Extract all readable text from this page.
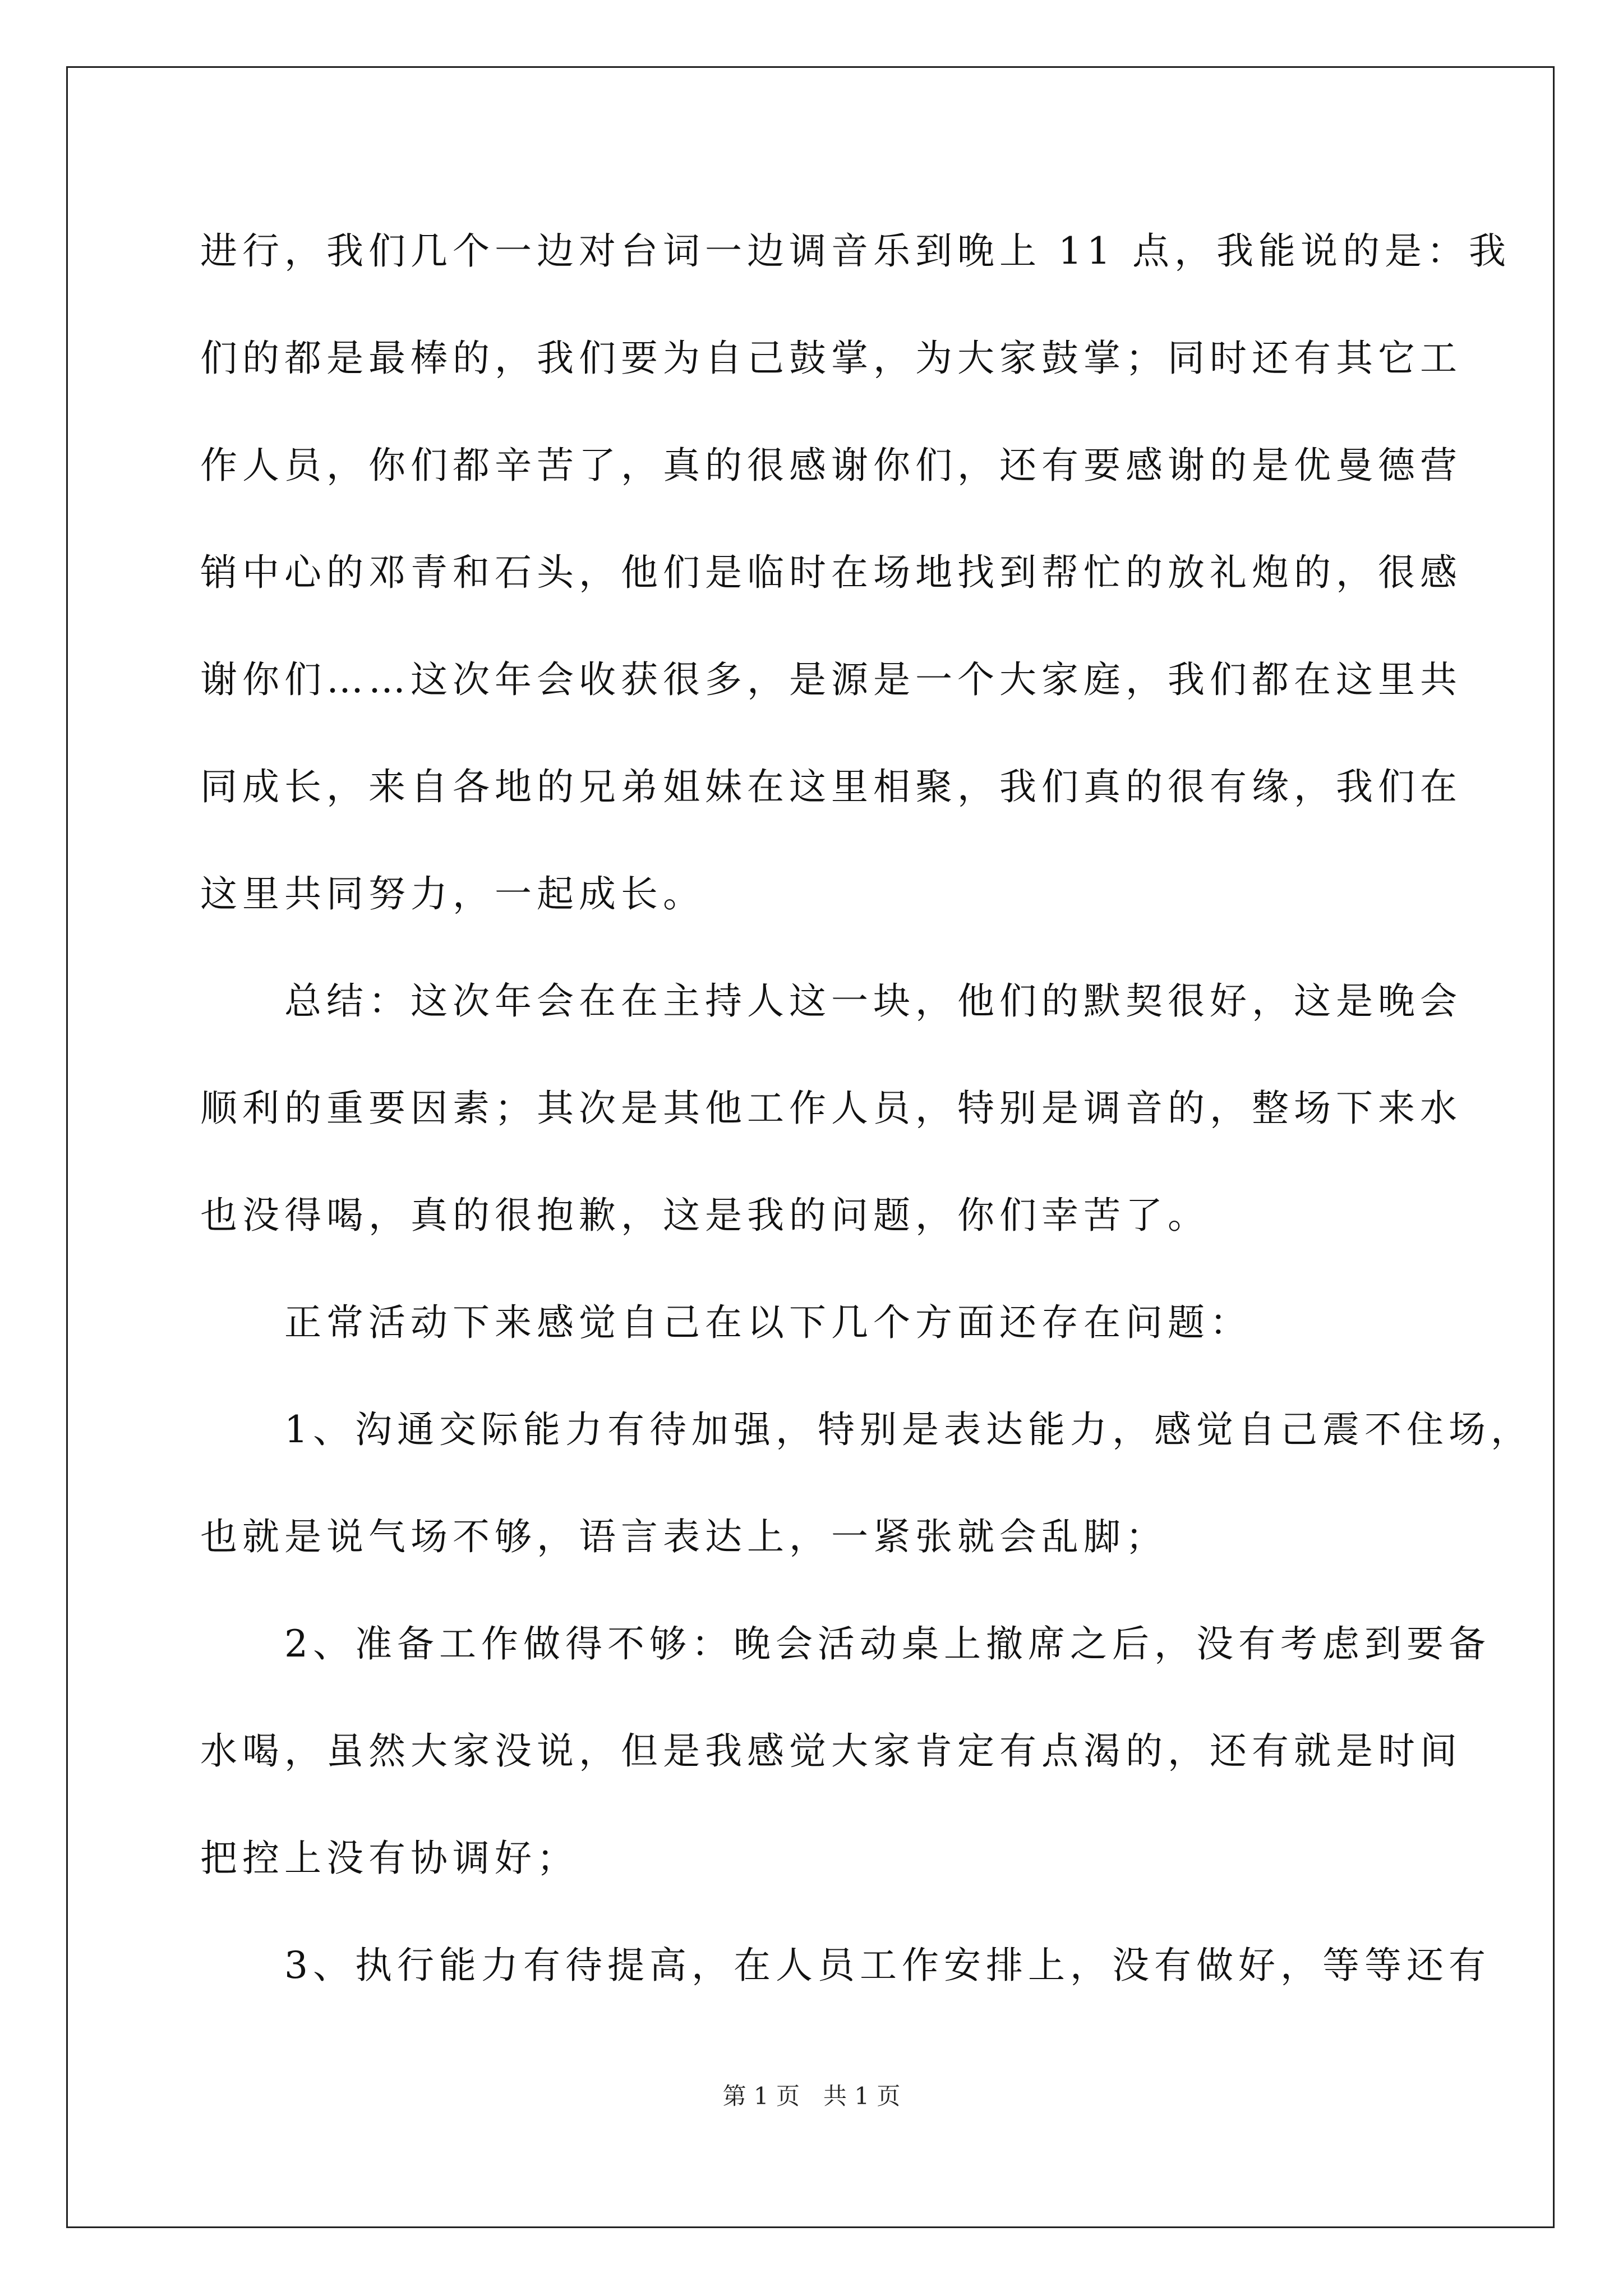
进行，我们几个一边对台词一边调音乐到晚上 11 点，我能说的是：我
们的都是最棒的，我们要为自己鼓掌，为大家鼓掌；同时还有其它工
作人员，你们都辛苦了，真的很感谢你们，还有要感谢的是优曼德营
销中心的邓青和石头，他们是临时在场地找到帮忙的放礼炮的，很感
谢你们……这次年会收获很多，是源是一个大家庭，我们都在这里共
同成长，来自各地的兄弟姐妹在这里相聚，我们真的很有缘，我们在
这里共同努力，一起成长。
　　总结：这次年会在在主持人这一块，他们的默契很好，这是晚会
顺利的重要因素；其次是其他工作人员，特别是调音的，整场下来水
也没得喝，真的很抱歉，这是我的问题，你们幸苦了。
　　正常活动下来感觉自己在以下几个方面还存在问题：
　　1、沟通交际能力有待加强，特别是表达能力，感觉自己震不住场，
也就是说气场不够，语言表达上，一紧张就会乱脚；
　　2、准备工作做得不够：晚会活动桌上撤席之后，没有考虑到要备
水喝，虽然大家没说，但是我感觉大家肯定有点渴的，还有就是时间
把控上没有协调好；
　　3、执行能力有待提高，在人员工作安排上，没有做好，等等还有
第 1 页　共 1 页
